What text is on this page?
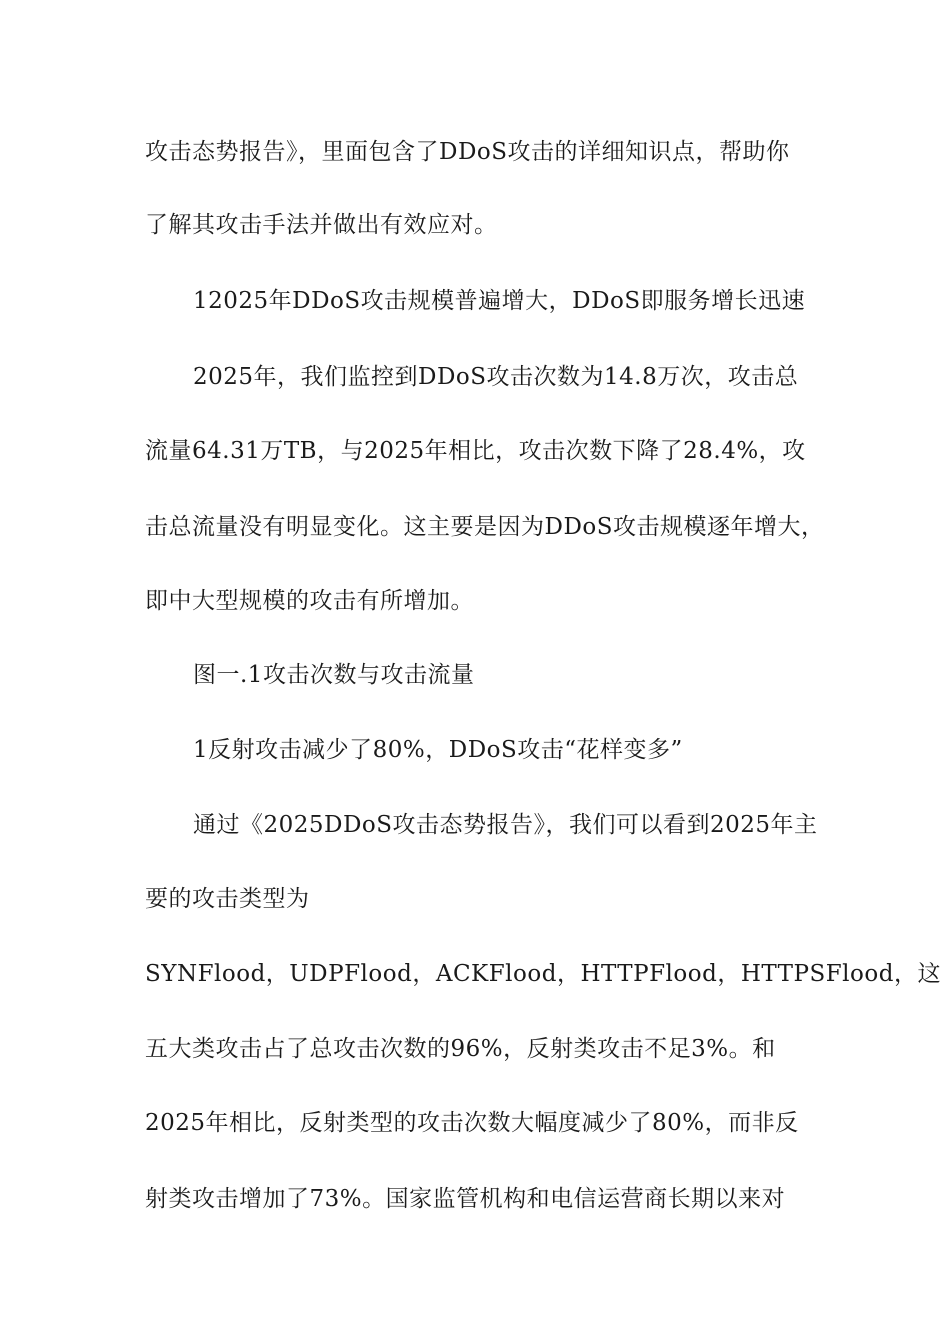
攻击态势报告》，里面包含了DDoS攻击的详细知识点，帮助你

了解其攻击手法并做出有效应对。

12025年DDoS攻击规模普遍增大，DDoS即服务增长迅速

2025年，我们监控到DDoS攻击次数为14.8万次，攻击总

流量64.31万TB，与2025年相比，攻击次数下降了28.4%，攻

击总流量没有明显变化。这主要是因为DDoS攻击规模逐年增大，

即中大型规模的攻击有所增加。

图一.1攻击次数与攻击流量

1反射攻击减少了80%，DDoS攻击“花样变多”

通过《2025DDoS攻击态势报告》，我们可以看到2025年主

要的攻击类型为

SYNFlood，UDPFlood，ACKFlood，HTTPFlood，HTTPSFlood，这

五大类攻击占了总攻击次数的96%，反射类攻击不足3%。和

2025年相比，反射类型的攻击次数大幅度减少了80%，而非反

射类攻击增加了73%。国家监管机构和电信运营商长期以来对
